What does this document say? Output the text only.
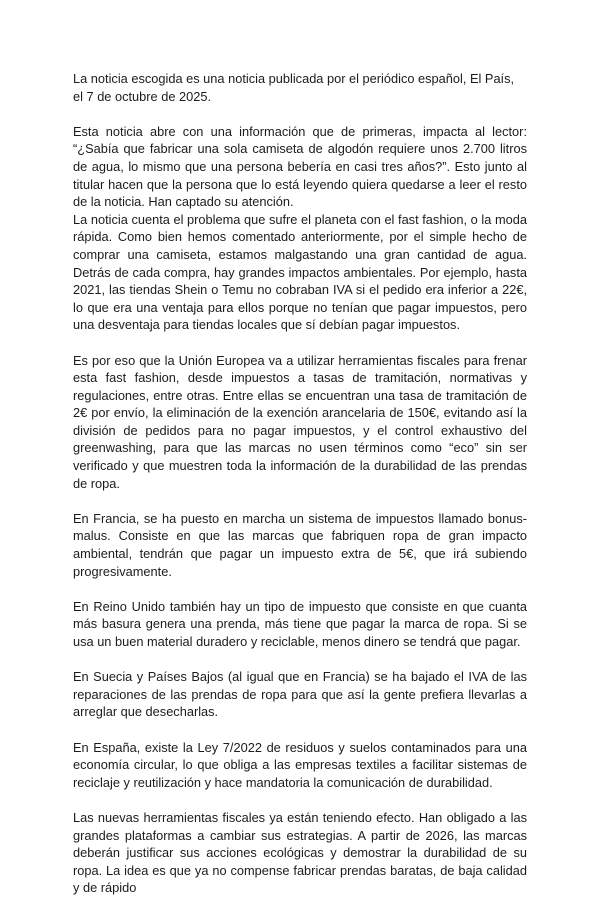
La noticia escogida es una noticia publicada por el periódico español, El País, el 7 de octubre de 2025.

Esta noticia abre con una información que de primeras, impacta al lector: “¿Sabía que fabricar una sola camiseta de algodón requiere unos 2.700 litros de agua, lo mismo que una persona bebería en casi tres años?”. Esto junto al titular hacen que la persona que lo está leyendo quiera quedarse a leer el resto de la noticia. Han captado su atención.

La noticia cuenta el problema que sufre el planeta con el fast fashion, o la moda rápida. Como bien hemos comentado anteriormente, por el simple hecho de comprar una camiseta, estamos malgastando una gran cantidad de agua. Detrás de cada compra, hay grandes impactos ambientales. Por ejemplo, hasta 2021, las tiendas Shein o Temu no cobraban IVA si el pedido era inferior a 22€, lo que era una ventaja para ellos porque no tenían que pagar impuestos, pero una desventaja para tiendas locales que sí debían pagar impuestos.

Es por eso que la Unión Europea va a utilizar herramientas fiscales para frenar esta fast fashion, desde impuestos a tasas de tramitación, normativas y regulaciones, entre otras. Entre ellas se encuentran una tasa de tramitación de 2€ por envío, la eliminación de la exención arancelaria de 150€, evitando así la división de pedidos para no pagar impuestos, y el control exhaustivo del greenwashing, para que las marcas no usen términos como “eco” sin ser verificado y que muestren toda la información de la durabilidad de las prendas de ropa.

En Francia, se ha puesto en marcha un sistema de impuestos llamado bonus-malus. Consiste en que las marcas que fabriquen ropa de gran impacto ambiental, tendrán que pagar un impuesto extra de 5€, que irá subiendo progresivamente.

En Reino Unido también hay un tipo de impuesto que consiste en que cuanta más basura genera una prenda, más tiene que pagar la marca de ropa. Si se usa un buen material duradero y reciclable, menos dinero se tendrá que pagar.

En Suecia y Países Bajos (al igual que en Francia) se ha bajado el IVA de las reparaciones de las prendas de ropa para que así la gente prefiera llevarlas a arreglar que desecharlas.

En España, existe la Ley 7/2022 de residuos y suelos contaminados para una economía circular, lo que obliga a las empresas textiles a facilitar sistemas de reciclaje y reutilización y hace mandatoria la comunicación de durabilidad.

Las nuevas herramientas fiscales ya están teniendo efecto. Han obligado a las grandes plataformas a cambiar sus estrategias. A partir de 2026, las marcas deberán justificar sus acciones ecológicas y demostrar la durabilidad de su ropa. La idea es que ya no compense fabricar prendas baratas, de baja calidad y de rápido
